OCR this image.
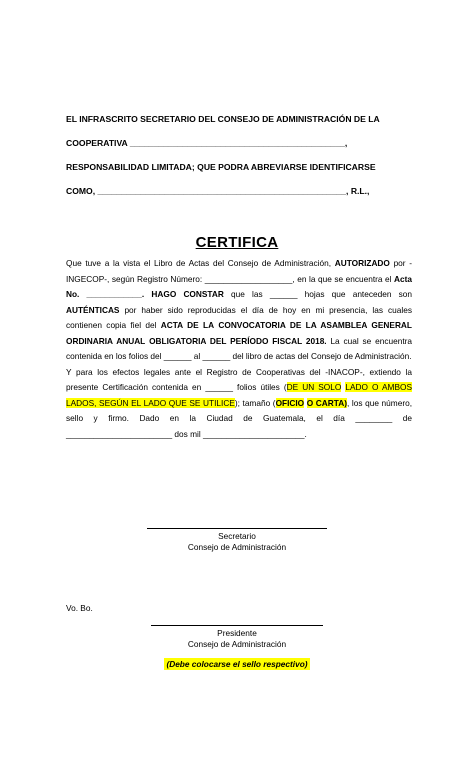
EL INFRASCRITO SECRETARIO DEL CONSEJO DE ADMINISTRACIÓN DE LA

COOPERATIVA _____________________________________________,

RESPONSABILIDAD LIMITADA; QUE PODRA ABREVIARSE IDENTIFICARSE

COMO, ____________________________________________________, R.L.,

CERTIFICA

Que tuve a la vista el Libro de Actas del Consejo de Administración, AUTORIZADO por -INGECOP-, según Registro Número: ___________________, en la que se encuentra el Acta No. ____________. HAGO CONSTAR que las ______ hojas que anteceden son AUTÉNTICAS por haber sido reproducidas el día de hoy en mi presencia, las cuales contienen copia fiel del ACTA DE LA CONVOCATORIA DE LA ASAMBLEA GENERAL ORDINARIA ANUAL OBLIGATORIA DEL PERÍODO FISCAL 2018. La cual se encuentra contenida en los folios del ______ al ______ del libro de actas del Consejo de Administración.

Y para los efectos legales ante el Registro de Cooperativas del -INACOP-, extiendo la presente Certificación contenida en ______ folios útiles (DE UN SOLO LADO O AMBOS LADOS, SEGÚN EL LADO QUE SE UTILICE); tamaño (OFICIO O CARTA), los que número, sello y firmo. Dado en la Ciudad de Guatemala, el día ________ de _______________________ dos mil ______________________.

Secretario
Consejo de Administración
Vo. Bo.
Presidente
Consejo de Administración
(Debe colocarse el sello respectivo)
